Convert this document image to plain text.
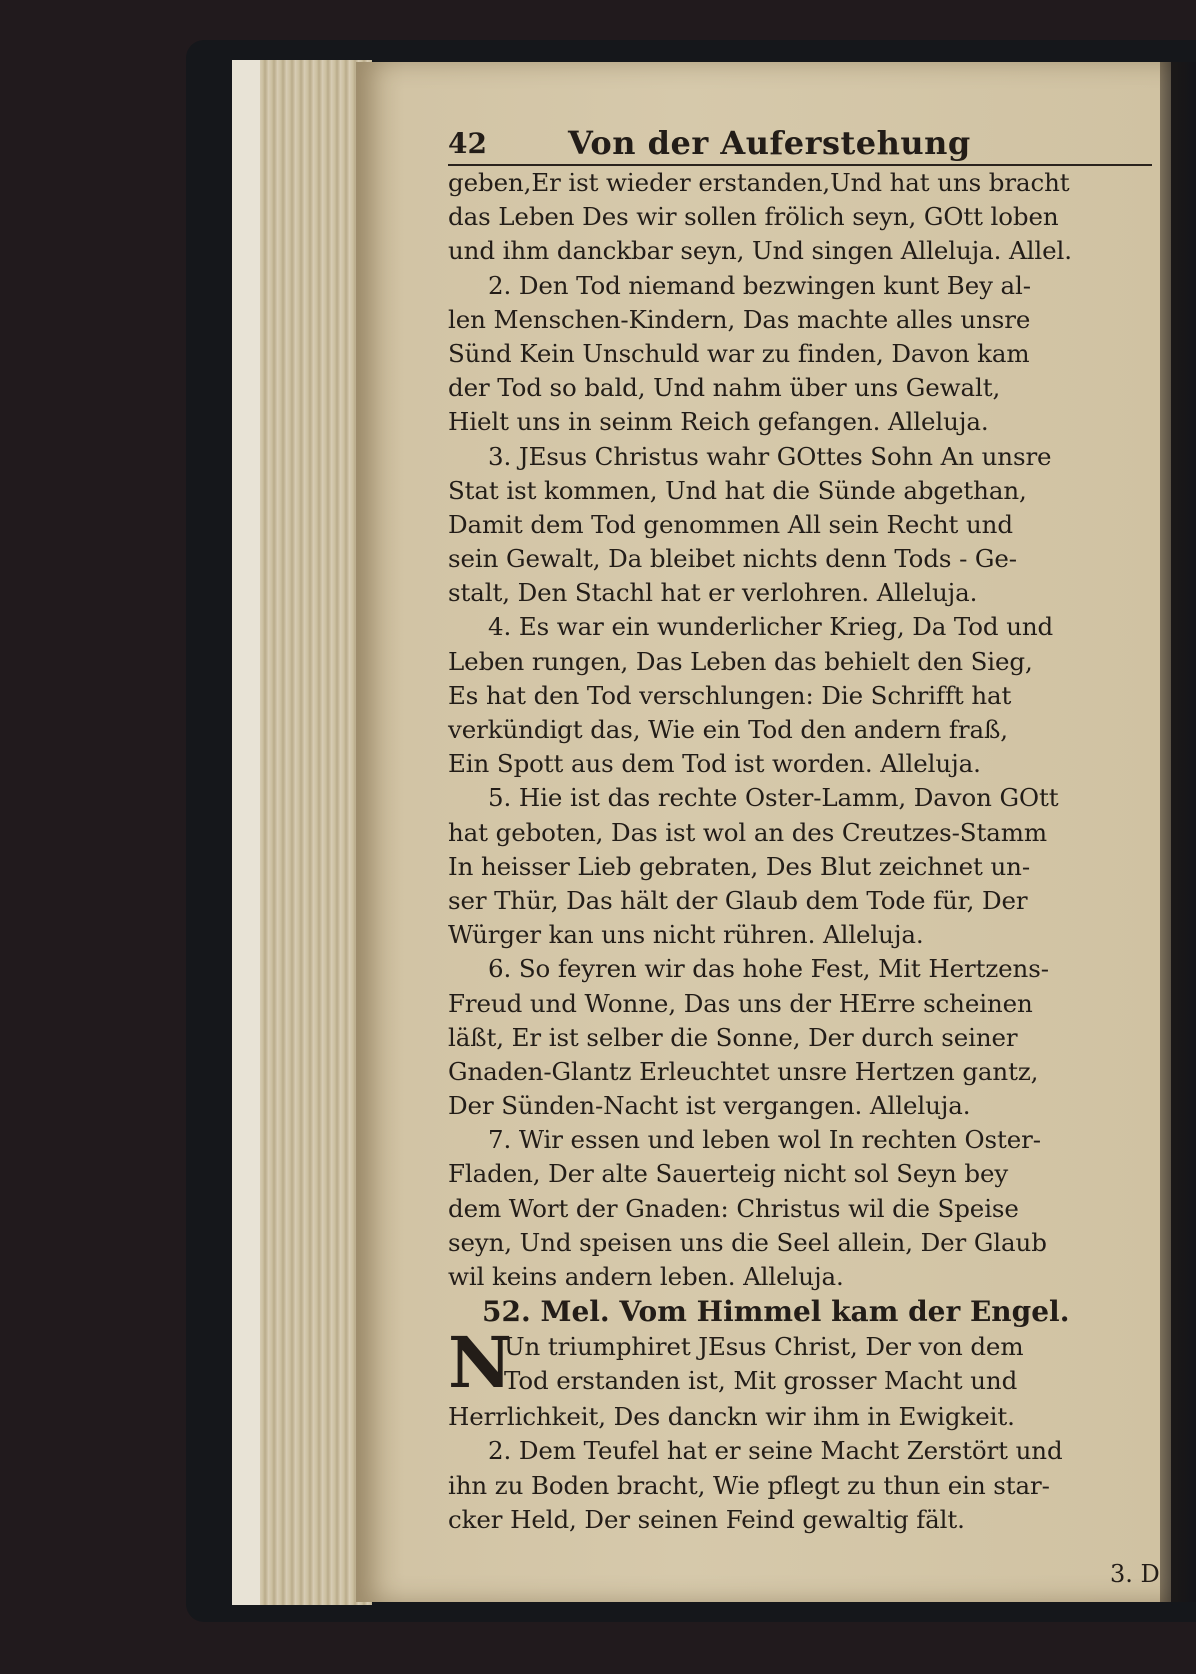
42	Von der Auferstehung
geben,Er ist wieder erstanden,Und hat uns bracht
das Leben Des wir sollen frölich seyn, GOtt loben
und ihm danckbar seyn, Und singen Alleluja. Allel.
2. Den Tod niemand bezwingen kunt Bey al-
len Menschen-Kindern, Das machte alles unsre
Sünd Kein Unschuld war zu finden, Davon kam
der Tod so bald, Und nahm über uns Gewalt,
Hielt uns in seinm Reich gefangen. Alleluja.
3. JEsus Christus wahr GOttes Sohn An unsre
Stat ist kommen, Und hat die Sünde abgethan,
Damit dem Tod genommen All sein Recht und
sein Gewalt, Da bleibet nichts denn Tods - Ge-
stalt, Den Stachl hat er verlohren. Alleluja.
4. Es war ein wunderlicher Krieg, Da Tod und
Leben rungen, Das Leben das behielt den Sieg,
Es hat den Tod verschlungen: Die Schrifft hat
verkündigt das, Wie ein Tod den andern fraß,
Ein Spott aus dem Tod ist worden. Alleluja.
5. Hie ist das rechte Oster-Lamm, Davon GOtt
hat geboten, Das ist wol an des Creutzes-Stamm
In heisser Lieb gebraten, Des Blut zeichnet un-
ser Thür, Das hält der Glaub dem Tode für, Der
Würger kan uns nicht rühren. Alleluja.
6. So feyren wir das hohe Fest, Mit Hertzens-
Freud und Wonne, Das uns der HErre scheinen
läßt, Er ist selber die Sonne, Der durch seiner
Gnaden-Glantz Erleuchtet unsre Hertzen gantz,
Der Sünden-Nacht ist vergangen. Alleluja.
7. Wir essen und leben wol In rechten Oster-
Fladen, Der alte Sauerteig nicht sol Seyn bey
dem Wort der Gnaden: Christus wil die Speise
seyn, Und speisen uns die Seel allein, Der Glaub
wil keins andern leben. Alleluja.
52. Mel. Vom Himmel kam der Engel.
N
Un triumphiret JEsus Christ, Der von dem
Tod erstanden ist, Mit grosser Macht und
Herrlichkeit, Des danckn wir ihm in Ewigkeit.
2. Dem Teufel hat er seine Macht Zerstört und
ihn zu Boden bracht, Wie pflegt zu thun ein star-
cker Held, Der seinen Feind gewaltig fält.
3. D
